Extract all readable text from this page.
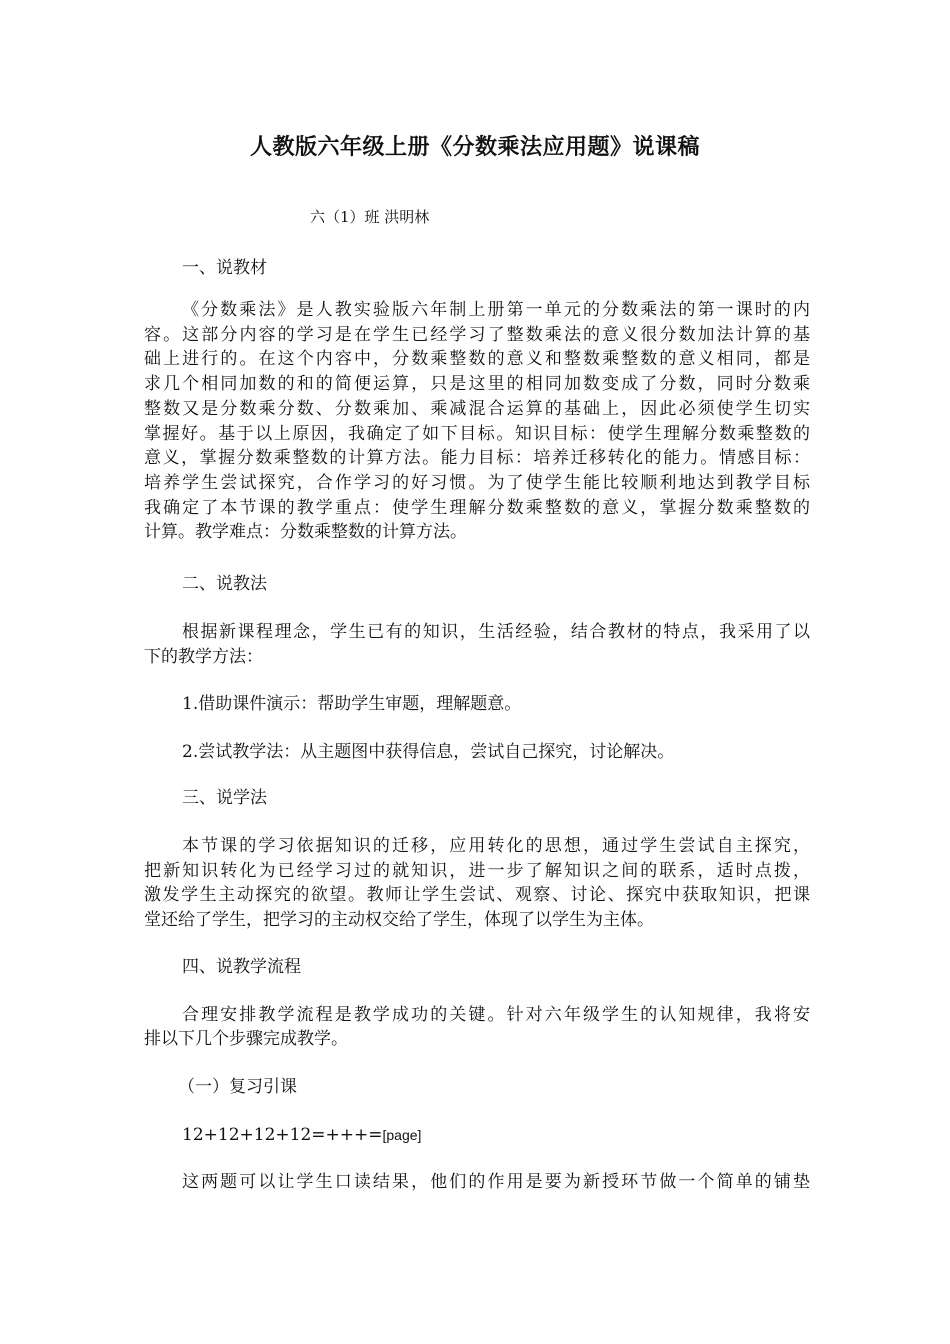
人教版六年级上册《分数乘法应用题》说课稿
六（1）班 洪明林
一、说教材
《分数乘法》是人教实验版六年制上册第一单元的分数乘法的第一课时的内
容。这部分内容的学习是在学生已经学习了整数乘法的意义很分数加法计算的基
础上进行的。在这个内容中，分数乘整数的意义和整数乘整数的意义相同，都是
求几个相同加数的和的简便运算，只是这里的相同加数变成了分数，同时分数乘
整数又是分数乘分数、分数乘加、乘减混合运算的基础上，因此必须使学生切实
掌握好。基于以上原因，我确定了如下目标。知识目标：使学生理解分数乘整数的
意义，掌握分数乘整数的计算方法。能力目标：培养迁移转化的能力。情感目标：
培养学生尝试探究，合作学习的好习惯。为了使学生能比较顺利地达到教学目标
我确定了本节课的教学重点：使学生理解分数乘整数的意义，掌握分数乘整数的
计算。教学难点：分数乘整数的计算方法。
二、说教法
根据新课程理念，学生已有的知识，生活经验，结合教材的特点，我采用了以
下的教学方法：
1.借助课件演示：帮助学生审题，理解题意。
2.尝试教学法：从主题图中获得信息，尝试自己探究，讨论解决。
三、说学法
本节课的学习依据知识的迁移，应用转化的思想，通过学生尝试自主探究，
把新知识转化为已经学习过的就知识，进一步了解知识之间的联系，适时点拨，
激发学生主动探究的欲望。教师让学生尝试、观察、讨论、探究中获取知识，把课
堂还给了学生，把学习的主动权交给了学生，体现了以学生为主体。
四、说教学流程
合理安排教学流程是教学成功的关键。针对六年级学生的认知规律，我将安
排以下几个步骤完成教学。
（一）复习引课
12+12+12+12=+++=[page]
这两题可以让学生口读结果，他们的作用是要为新授环节做一个简单的铺垫
